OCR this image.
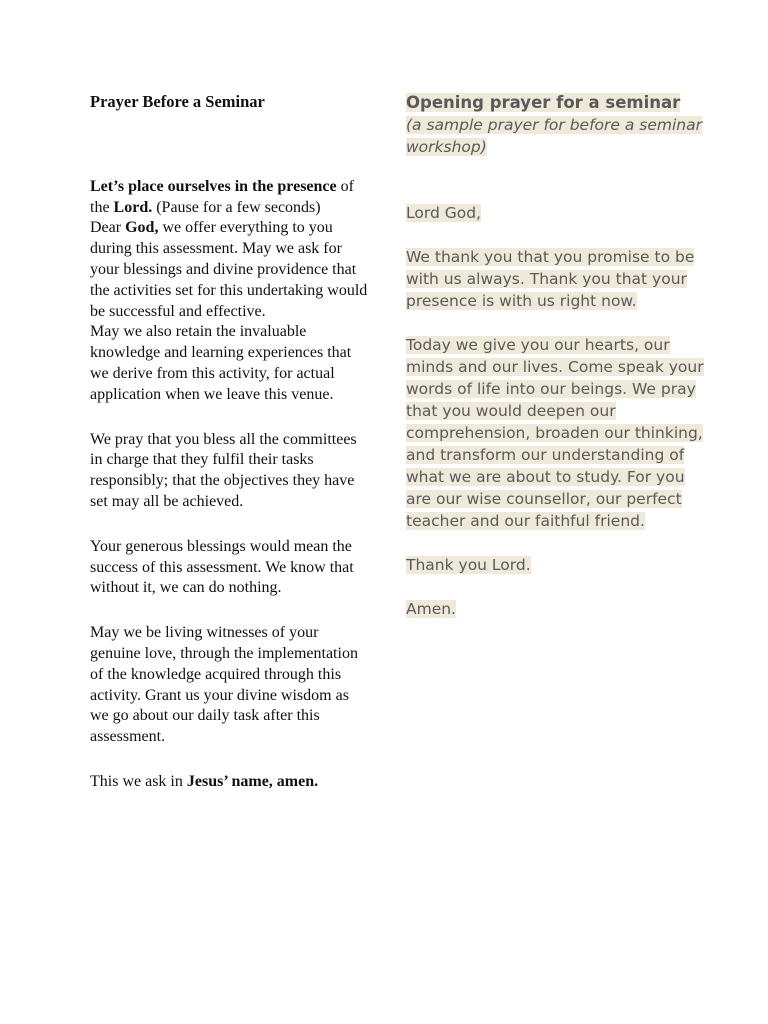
Prayer Before a Seminar

Let’s place ourselves in the presence of the Lord. (Pause for a few seconds)
Dear God, we offer everything to you during this assessment. May we ask for your blessings and divine providence that the activities set for this undertaking would be successful and effective.
May we also retain the invaluable knowledge and learning experiences that we derive from this activity, for actual application when we leave this venue.

We pray that you bless all the committees in charge that they fulfil their tasks responsibly; that the objectives they have set may all be achieved.

Your generous blessings would mean the success of this assessment. We know that without it, we can do nothing.

May we be living witnesses of your genuine love, through the implementation of the knowledge acquired through this activity. Grant us your divine wisdom as we go about our daily task after this assessment.

This we ask in Jesus’ name, amen.

Opening prayer for a seminar

(a sample prayer for before a seminar workshop)

Lord God,

We thank you that you promise to be with us always. Thank you that your presence is with us right now.

Today we give you our hearts, our minds and our lives. Come speak your words of life into our beings. We pray that you would deepen our comprehension, broaden our thinking, and transform our understanding of what we are about to study. For you are our wise counsellor, our perfect teacher and our faithful friend.

Thank you Lord.

Amen.
